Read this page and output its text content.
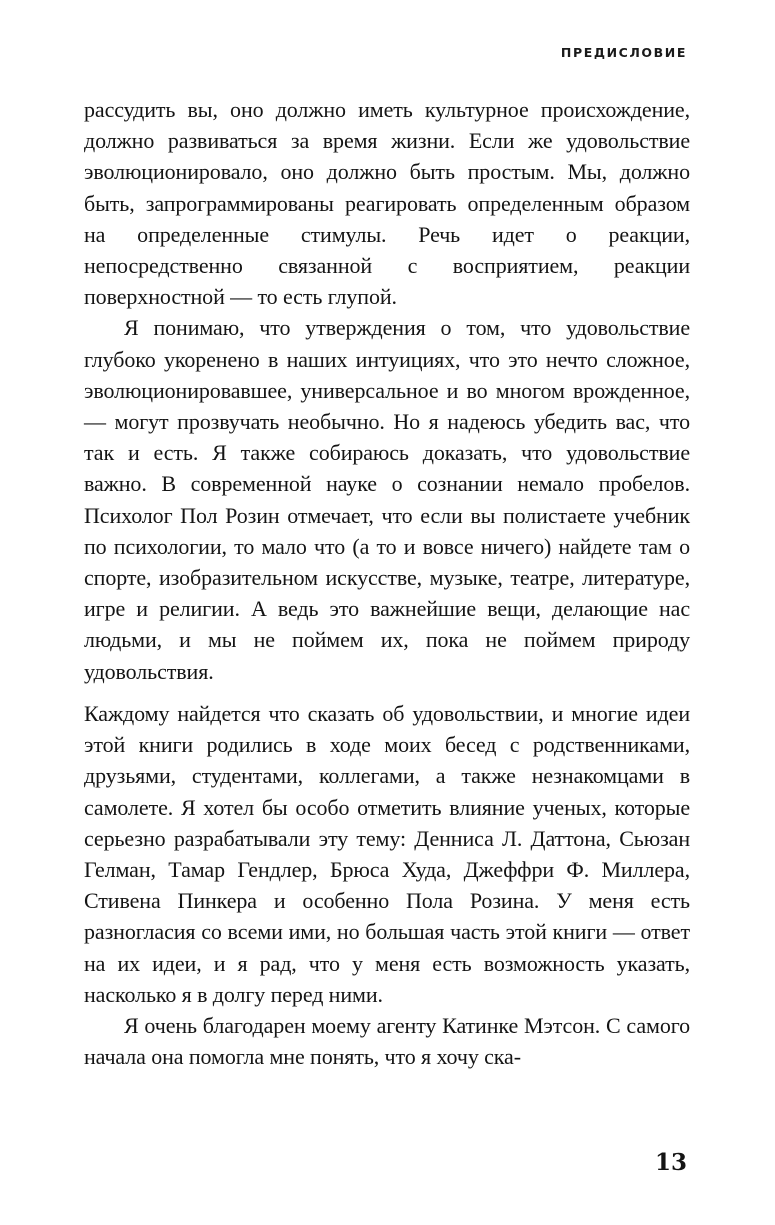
ПРЕДИСЛОВИЕ

рассудить вы, оно должно иметь культурное происхождение, должно развиваться за время жизни. Если же удовольствие эволюционировало, оно должно быть простым. Мы, должно быть, запрограммированы реагировать определенным образом на определенные стимулы. Речь идет о реакции, непосредственно связанной с восприятием, реакции поверхностной — то есть глупой.

Я понимаю, что утверждения о том, что удовольствие глубоко укоренено в наших интуициях, что это нечто сложное, эволюционировавшее, универсальное и во многом врожденное, — могут прозвучать необычно. Но я надеюсь убедить вас, что так и есть. Я также собираюсь доказать, что удовольствие важно. В современной науке о сознании немало пробелов. Психолог Пол Розин отмечает, что если вы полистаете учебник по психологии, то мало что (а то и вовсе ничего) найдете там о спорте, изобразительном искусстве, музыке, театре, литературе, игре и религии. А ведь это важнейшие вещи, делающие нас людьми, и мы не поймем их, пока не поймем природу удовольствия.

Каждому найдется что сказать об удовольствии, и многие идеи этой книги родились в ходе моих бесед с родственниками, друзьями, студентами, коллегами, а также незнакомцами в самолете. Я хотел бы особо отметить влияние ученых, которые серьезно разрабатывали эту тему: Денниса Л. Даттона, Сьюзан Гелман, Тамар Гендлер, Брюса Худа, Джеффри Ф. Миллера, Стивена Пинкера и особенно Пола Розина. У меня есть разногласия со всеми ими, но большая часть этой книги — ответ на их идеи, и я рад, что у меня есть возможность указать, насколько я в долгу перед ними.

Я очень благодарен моему агенту Катинке Мэтсон. С самого начала она помогла мне понять, что я хочу ска-

13
